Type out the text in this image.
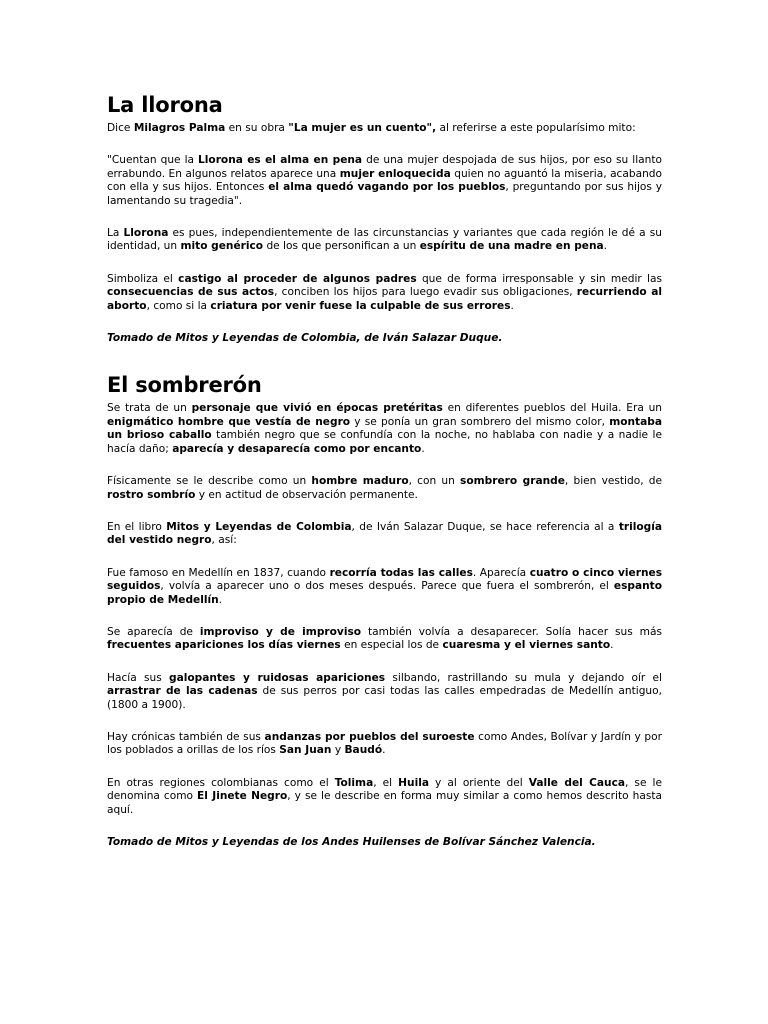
La llorona

Dice Milagros Palma en su obra "La mujer es un cuento", al referirse a este popularísimo mito:

"Cuentan que la Llorona es el alma en pena de una mujer despojada de sus hijos, por eso su llanto errabundo. En algunos relatos aparece una mujer enloquecida quien no aguantó la miseria, acabando con ella y sus hijos. Entonces el alma quedó vagando por los pueblos, preguntando por sus hijos y lamentando su tragedia".

La Llorona es pues, independientemente de las circunstancias y variantes que cada región le dé a su identidad, un mito genérico de los que personifican a un espíritu de una madre en pena.

Simboliza el castigo al proceder de algunos padres que de forma irresponsable y sin medir las consecuencias de sus actos, conciben los hijos para luego evadir sus obligaciones, recurriendo al aborto, como si la criatura por venir fuese la culpable de sus errores.

Tomado de Mitos y Leyendas de Colombia, de Iván Salazar Duque.

El sombrerón

Se trata de un personaje que vivió en épocas pretéritas en diferentes pueblos del Huila. Era un enigmático hombre que vestía de negro y se ponía un gran sombrero del mismo color, montaba un brioso caballo también negro que se confundía con la noche, no hablaba con nadie y a nadie le hacía daño; aparecía y desaparecía como por encanto.

Físicamente se le describe como un hombre maduro, con un sombrero grande, bien vestido, de rostro sombrío y en actitud de observación permanente.

En el libro Mitos y Leyendas de Colombia, de Iván Salazar Duque, se hace referencia al a trilogía del vestido negro, así:

Fue famoso en Medellín en 1837, cuando recorría todas las calles. Aparecía cuatro o cinco viernes seguidos, volvía a aparecer uno o dos meses después. Parece que fuera el sombrerón, el espanto propio de Medellín.

Se aparecía de improviso y de improviso también volvía a desaparecer. Solía hacer sus más frecuentes apariciones los días viernes en especial los de cuaresma y el viernes santo.

Hacía sus galopantes y ruidosas apariciones silbando, rastrillando su mula y dejando oír el arrastrar de las cadenas de sus perros por casi todas las calles empedradas de Medellín antiguo, (1800 a 1900).

Hay crónicas también de sus andanzas por pueblos del suroeste como Andes, Bolívar y Jardín y por los poblados a orillas de los ríos San Juan y Baudó.

En otras regiones colombianas como el Tolima, el Huila y al oriente del Valle del Cauca, se le denomina como El Jinete Negro, y se le describe en forma muy similar a como hemos descrito hasta aquí.

Tomado de Mitos y Leyendas de los Andes Huilenses de Bolívar Sánchez Valencia.
